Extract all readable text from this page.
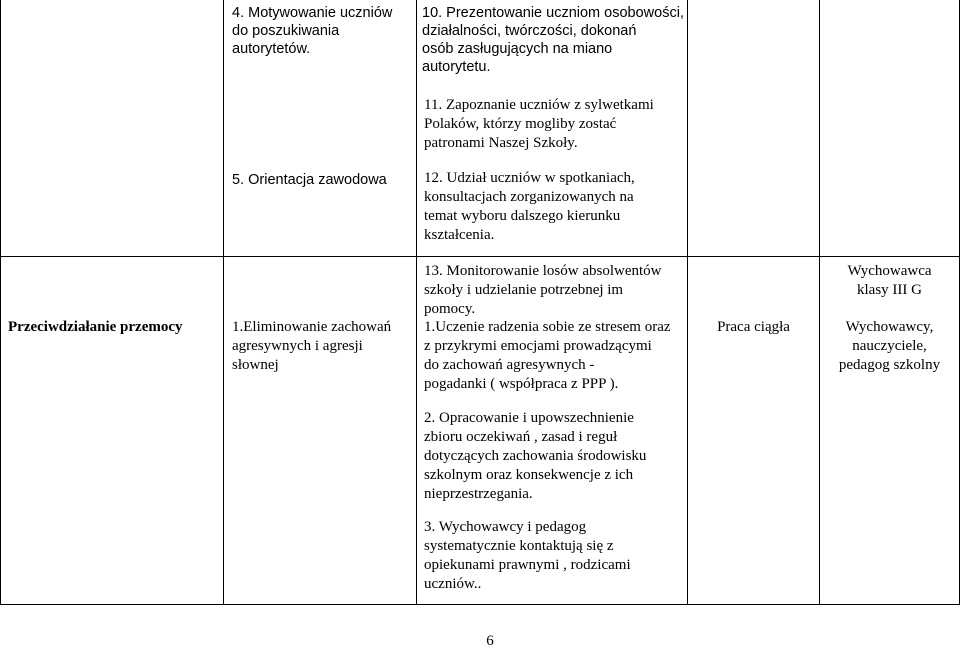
4. Motywowanie uczniów
do poszukiwania
autorytetów.
5. Orientacja zawodowa
10. Prezentowanie uczniom osobowości,
działalności, twórczości, dokonań
osób zasługujących na miano
autorytetu.
11. Zapoznanie uczniów z sylwetkami
Polaków, którzy mogliby zostać
patronami Naszej Szkoły.
12. Udział uczniów w spotkaniach,
konsultacjach zorganizowanych na
temat wyboru dalszego kierunku
kształcenia.
Przeciwdziałanie przemocy	1.Eliminowanie zachowań
agresywnych i agresji
słownej
13. Monitorowanie losów absolwentów
szkoły i udzielanie potrzebnej im
pomocy.
1.Uczenie radzenia sobie ze stresem oraz
z przykrymi emocjami prowadzącymi
do zachowań agresywnych -
pogadanki ( współpraca z PPP ).
2. Opracowanie i upowszechnienie
zbioru oczekiwań , zasad i reguł
dotyczących zachowania środowisku
szkolnym oraz konsekwencje z ich
nieprzestrzegania.
3. Wychowawcy i pedagog
systematycznie kontaktują się z
opiekunami prawnymi , rodzicami
uczniów..
Praca ciągła
Wychowawca
klasy III G
Wychowawcy,
nauczyciele,
pedagog szkolny
6
